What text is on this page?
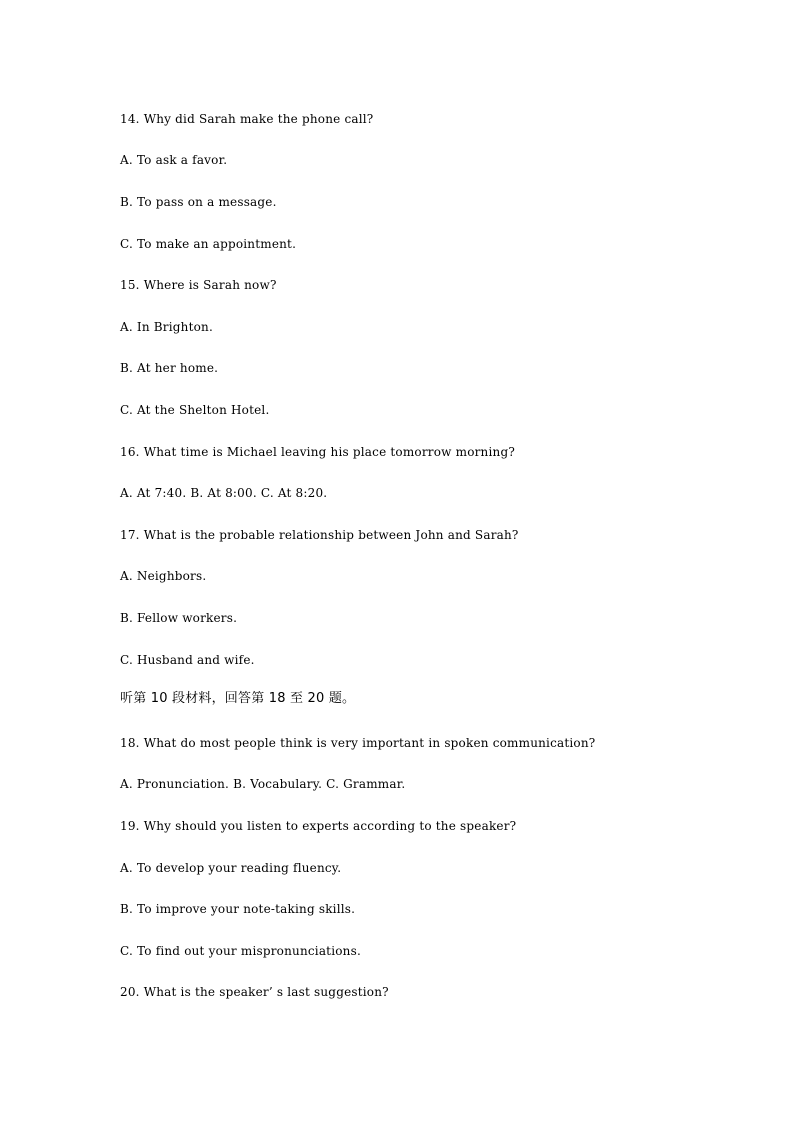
14. Why did Sarah make the phone call?
A. To ask a favor.
B. To pass on a message.
C. To make an appointment.
15. Where is Sarah now?
A. In Brighton.
B. At her home.
C. At the Shelton Hotel.
16. What time is Michael leaving his place tomorrow morning?
A. At 7:40. B. At 8:00. C. At 8:20.
17. What is the probable relationship between John and Sarah?
A. Neighbors.
B. Fellow workers.
C. Husband and wife.
听第 10 段材料，回答第 18 至 20 题。
18. What do most people think is very important in spoken communication?
A. Pronunciation. B. Vocabulary. C. Grammar.
19. Why should you listen to experts according to the speaker?
A. To develop your reading fluency.
B. To improve your note-taking skills.
C. To find out your mispronunciations.
20. What is the speaker’ s last suggestion?
